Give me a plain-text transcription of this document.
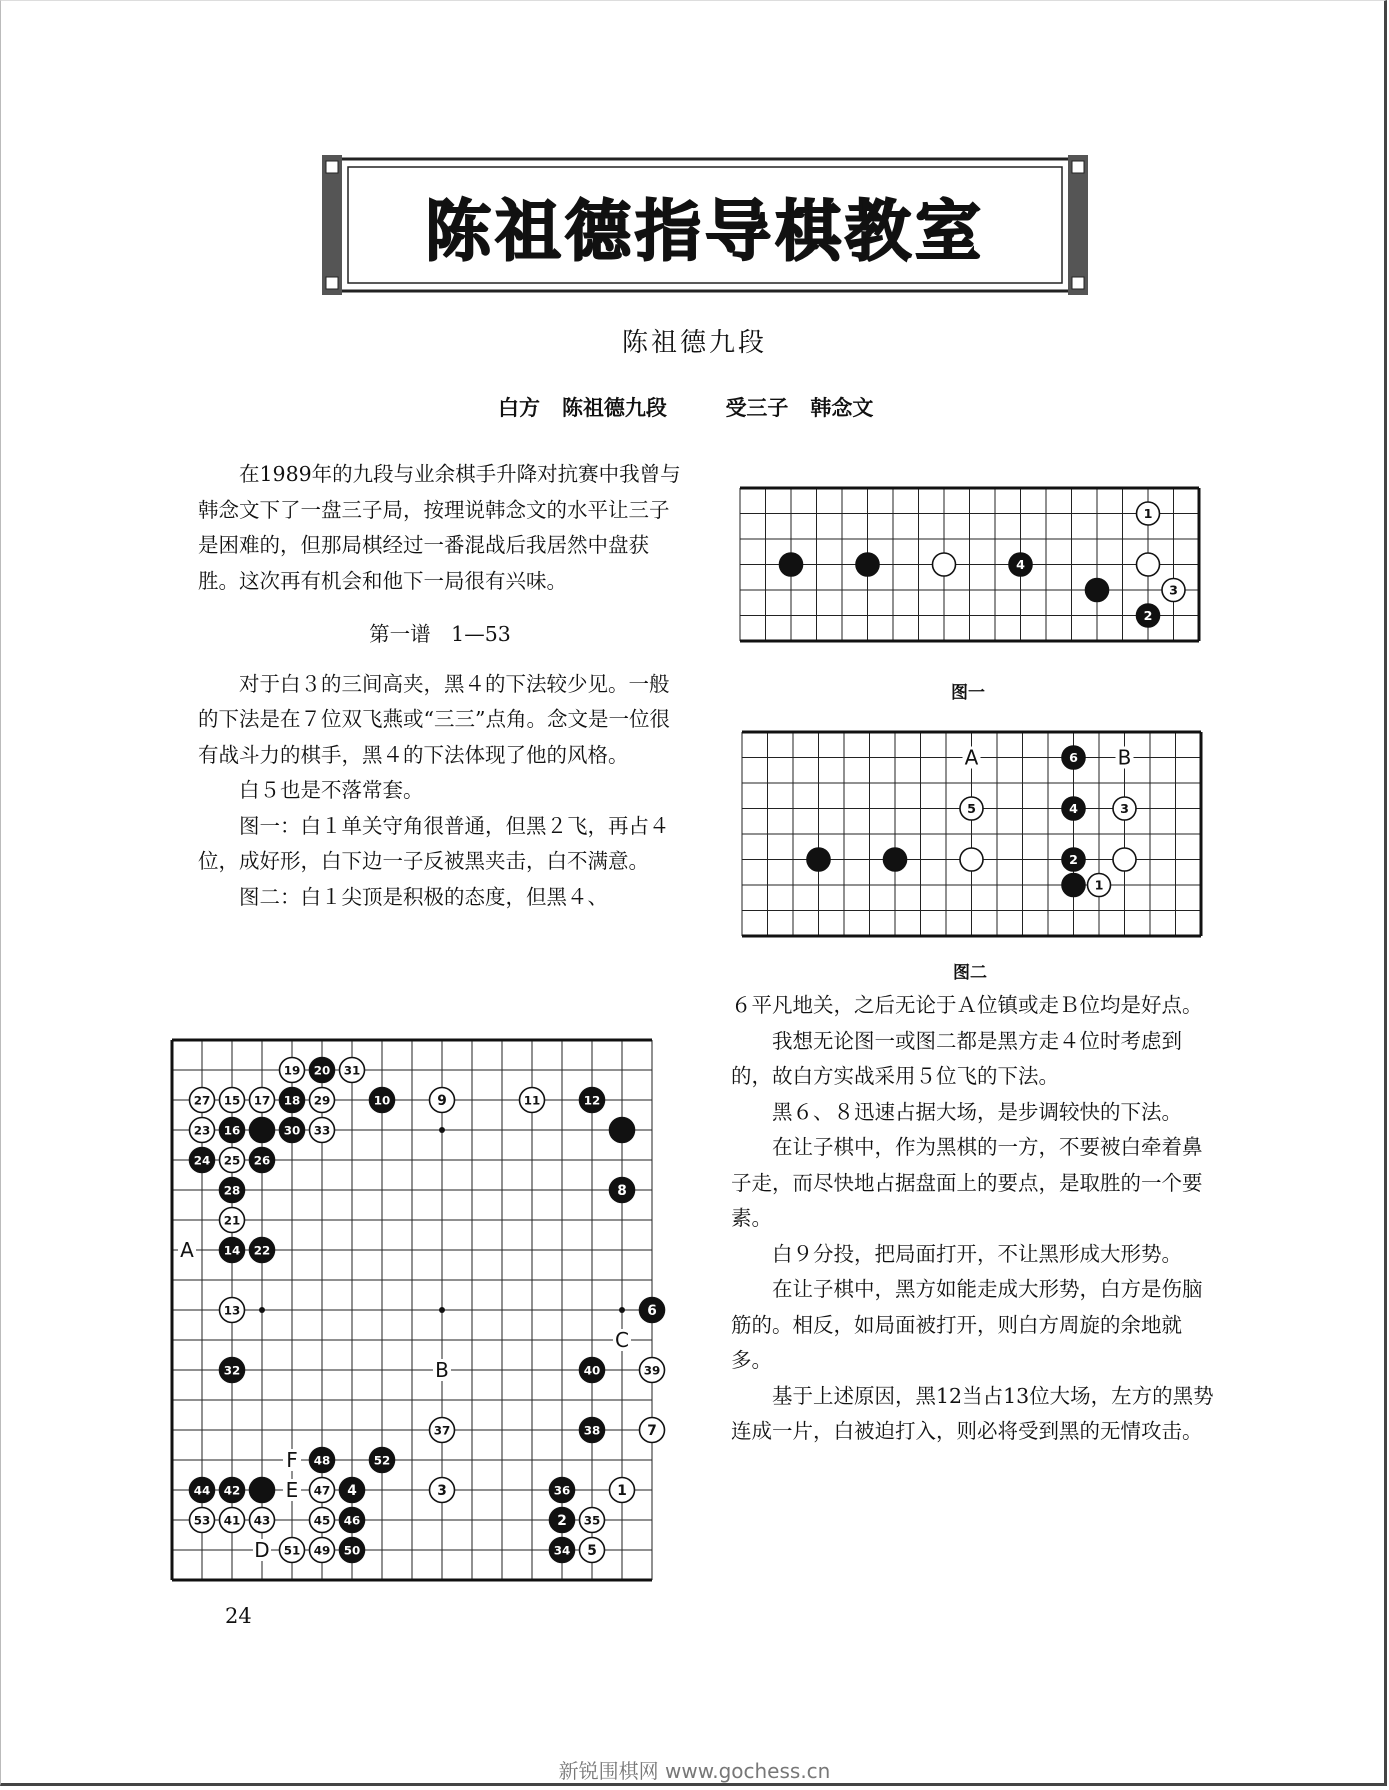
陈祖德指导棋教室
陈祖德九段
白方 陈祖德九段	受三子 韩念文

在1989年的九段与业余棋手升降对抗赛中我曾与韩念文下了一盘三子局，按理说韩念文的水平让三子是困难的，但那局棋经过一番混战后我居然中盘获胜。这次再有机会和他下一局很有兴味。

第一谱　1—53

对于白３的三间高夹，黑４的下法较少见。一般的下法是在７位双飞燕或“三三”点角。念文是一位很有战斗力的棋手，黑４的下法体现了他的风格。

白５也是不落常套。

图一：白１单关守角很普通，但黑２飞，再占４位，成好形，白下边一子反被黑夹击，白不满意。

图二：白１尖顶是积极的态度，但黑４、

６平凡地关，之后无论于Ａ位镇或走Ｂ位均是好点。

我想无论图一或图二都是黑方走４位时考虑到的，故白方实战采用５位飞的下法。

黑６、８迅速占据大场，是步调较快的下法。

在让子棋中，作为黑棋的一方，不要被白牵着鼻子走，而尽快地占据盘面上的要点，是取胜的一个要素。

白９分投，把局面打开，不让黑形成大形势。

在让子棋中，黑方如能走成大形势，白方是伤脑筋的。相反，如局面被打开，则白方周旋的余地就多。

基于上述原因，黑12当占13位大场，左方的黑势连成一片，白被迫打入，则必将受到黑的无情攻击。

4
1
3
2
图一
A	B
5
6
4
2
3
1
图二
A
B
C
D
E
F
19 20 31
27 15 17 18 29	10	9	11	12
23 16	30 33
24 25 26
28	8
21
14 22
13	6
32	40	39
37	38	7
48	52
44 42	47 4	3	36	1
53 41 43	45 46	2 35
51 49 50	34 5
24
新锐围棋网 www.gochess.cn
